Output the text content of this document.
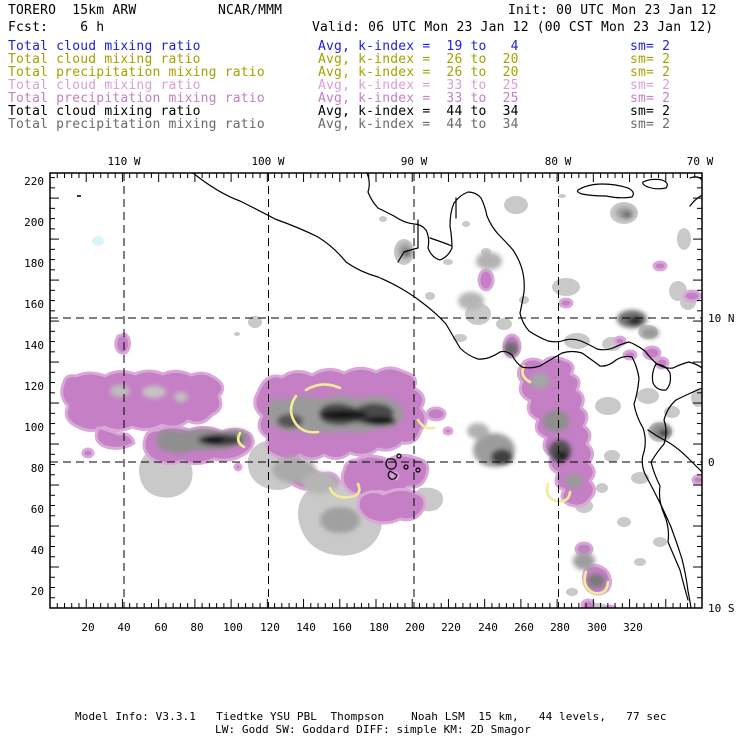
TORERO  15km ARW	NCAR/MMM	Init: 00 UTC Mon 23 Jan 12
Fcst:    6 h	Valid: 06 UTC Mon 23 Jan 12 (00 CST Mon 23 Jan 12)
Total cloud mixing ratio	Avg, k-index =  19 to   4	sm= 2
Total cloud mixing ratio	Avg, k-index =  26 to  20	sm= 2
Total precipitation mixing ratio	Avg, k-index =  26 to  20	sm= 2
Total cloud mixing ratio	Avg, k-index =  33 to  25	sm= 2
Total precipitation mixing ratio	Avg, k-index =  33 to  25	sm= 2
Total cloud mixing ratio	Avg, k-index =  44 to  34	sm= 2
Total precipitation mixing ratio	Avg, k-index =  44 to  34	sm= 2
110 W	100 W	90 W	80 W	70 W
20 40 60 80 100 120 140 160 180 200 220 240 260 280 300 320
220
200
180
160
140
120
100
80
60
40
20
10 N
0
10 S
Model Info: V3.3.1   Tiedtke YSU PBL  Thompson    Noah LSM  15 km,   44 levels,   77 sec
LW: Godd SW: Goddard DIFF: simple KM: 2D Smagor
